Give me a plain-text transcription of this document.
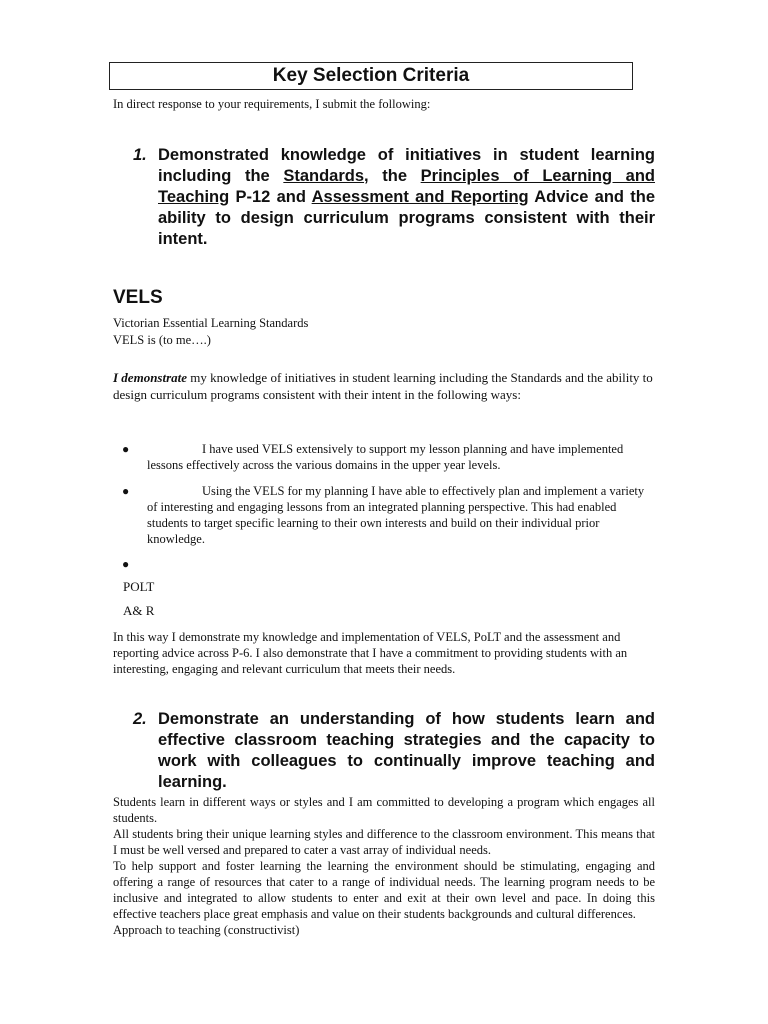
Key Selection Criteria
In direct response to your requirements, I submit the following:
1. Demonstrated knowledge of initiatives in student learning including the Standards, the Principles of Learning and Teaching P-12 and Assessment and Reporting Advice and the ability to design curriculum programs consistent with their intent.
VELS
Victorian Essential Learning Standards
VELS is (to me….)
I demonstrate my knowledge of initiatives in student learning including the Standards and the ability to design curriculum programs consistent with their intent in the following ways:
●	I have used VELS extensively to support my lesson planning and have implemented lessons effectively across the various domains in the upper year levels.
●	Using the VELS for my planning I have able to effectively plan and implement a variety of interesting and engaging lessons from an integrated planning perspective. This had enabled students to target specific learning to their own interests and build on their individual prior knowledge.
●
POLT
A& R
In this way I demonstrate my knowledge and implementation of VELS, PoLT and the assessment and reporting advice across P-6. I also demonstrate that I have a commitment to providing students with an interesting, engaging and relevant curriculum that meets their needs.
2. Demonstrate an understanding of how students learn and effective classroom teaching strategies and the capacity to work with colleagues to continually improve teaching and learning.
Students learn in different ways or styles and I am committed to developing a program which engages all students.
All students bring their unique learning styles and difference to the classroom environment. This means that I must be well versed and prepared to cater a vast array of individual needs.
To help support and foster learning the learning the environment should be stimulating, engaging and offering a range of resources that cater to a range of individual needs. The learning program needs to be inclusive and integrated to allow students to enter and exit at their own level and pace. In doing this effective teachers place great emphasis and value on their students backgrounds and cultural differences.
Approach to teaching (constructivist)
